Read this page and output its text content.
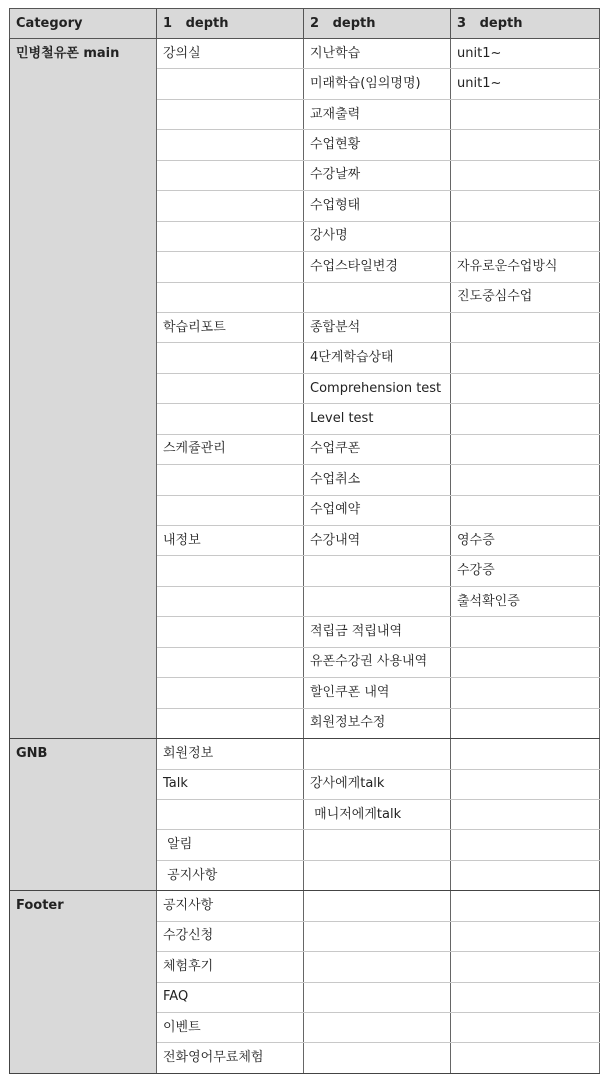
Category	1   depth	2   depth	3   depth
민병철유폰 main	강의실	지난학습	unit1~
		미래학습(임의명명)	unit1~
		교재출력	
		수업현황	
		수강날짜	
		수업형태	
		강사명	
		수업스타일변경	자유로운수업방식
			진도중심수업
	학습리포트	종합분석	
		4단계학습상태	
		Comprehension test	
		Level test	
	스케쥴관리	수업쿠폰	
		수업취소	
		수업예약	
	내정보	수강내역	영수증
			수강증
			출석확인증
		적립금 적립내역	
		유폰수강권 사용내역	
		할인쿠폰 내역	
		회원정보수정	
GNB	회원정보		
	Talk	강사에게talk	
		매니저에게talk	
	알림		
	공지사항		
Footer	공지사항		
	수강신청		
	체험후기		
	FAQ		
	이벤트		
	전화영어무료체험		
